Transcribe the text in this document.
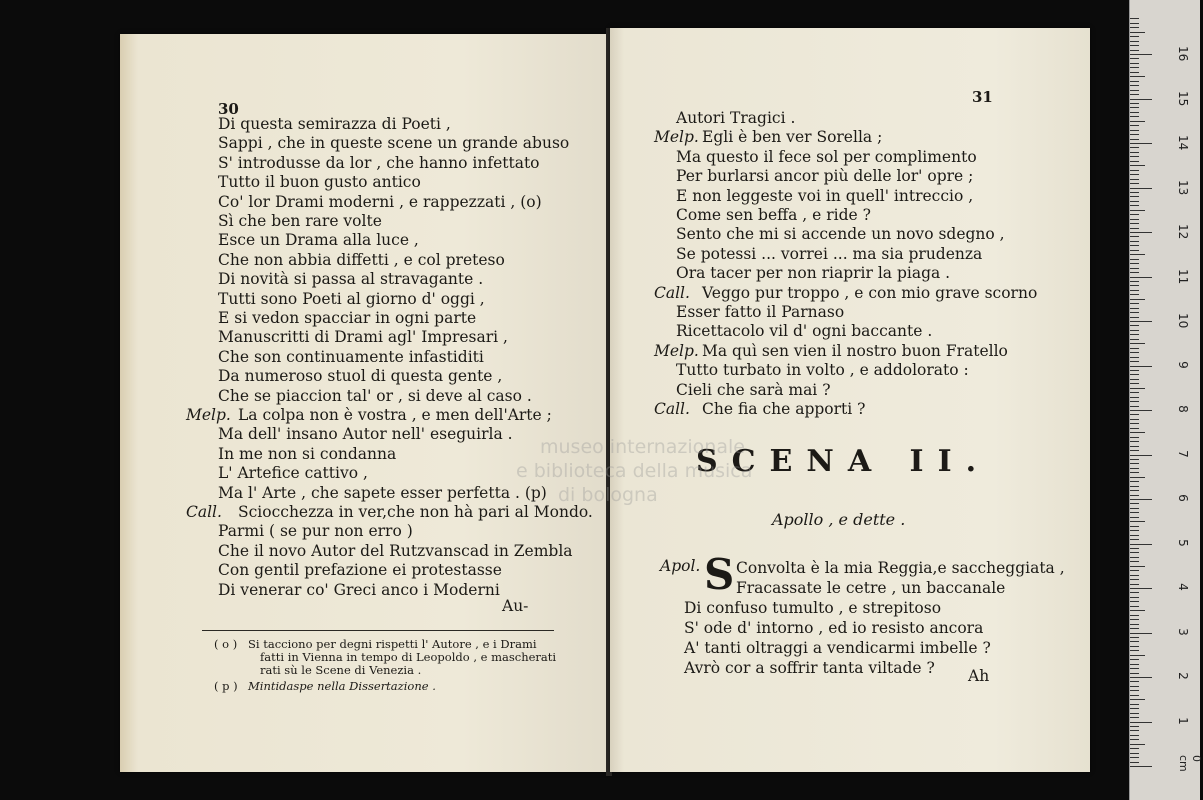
30
Di questa semirazza di Poeti ,
Sappi , che in queste scene un grande abuso
S' introdusse da lor , che hanno infettato
Tutto il buon gusto antico
Co' lor Drami moderni , e rappezzati , (o)
Sì che ben rare volte
Esce un Drama alla luce ,
Che non abbia diffetti , e col preteso
Di novità si passa al stravagante .
Tutti sono Poeti al giorno d' oggi ,
E si vedon spacciar in ogni parte
Manuscritti di Drami agl' Impresari ,
Che son continuamente infastiditi
Da numeroso stuol di questa gente ,
Che se piaccion tal' or , si deve al caso .
Melp. La colpa non è vostra , e men dell'Arte ;
Ma dell' insano Autor nell' eseguirla .
In me non si condanna
L' Artefice cattivo ,
Ma l' Arte , che sapete esser perfetta . (p)
Call. Sciocchezza in ver,che non hà pari al Mondo.
Parmi ( se pur non erro )
Che il novo Autor del Rutzvanscad in Zembla
Con gentil prefazione ei protestasse
Di venerar co' Greci anco i Moderni
Au-
( o ) Si tacciono per degni rispetti l' Autore , e i Drami
fatti in Vienna in tempo di Leopoldo , e mascherati
rati sù le Scene di Venezia .
( p ) Mintidaspe nella Dissertazione .
31
Autori Tragici .
Melp. Egli è ben ver Sorella ;
Ma questo il fece sol per complimento
Per burlarsi ancor più delle lor' opre ;
E non leggeste voi in quell' intreccio ,
Come sen beffa , e ride ?
Sento che mi si accende un novo sdegno ,
Se potessi ... vorrei ... ma sia prudenza
Ora tacer per non riaprir la piaga .
Call. Veggo pur troppo , e con mio grave scorno
Esser fatto il Parnaso
Ricettacolo vil d' ogni baccante .
Melp. Ma quì sen vien il nostro buon Fratello
Tutto turbato in volto , e addolorato :
Cieli che sarà mai ?
Call. Che fia che apporti ?
SCENA II.
Apollo , e dette .
Apol. S Convolta è la mia Reggia,e saccheggiata ,
Fracassate le cetre , un baccanale
Di confuso tumulto , e strepitoso
S' ode d' intorno , ed io resisto ancora
A' tanti oltraggi a vendicarmi imbelle ?
Avrò cor a soffrir tanta viltade ? Ah
museo internazionale
e biblioteca della musica
di bologna
16
15
14
13
12
11
10
9
8
7
6
5
4
3
2
1
0 cm
